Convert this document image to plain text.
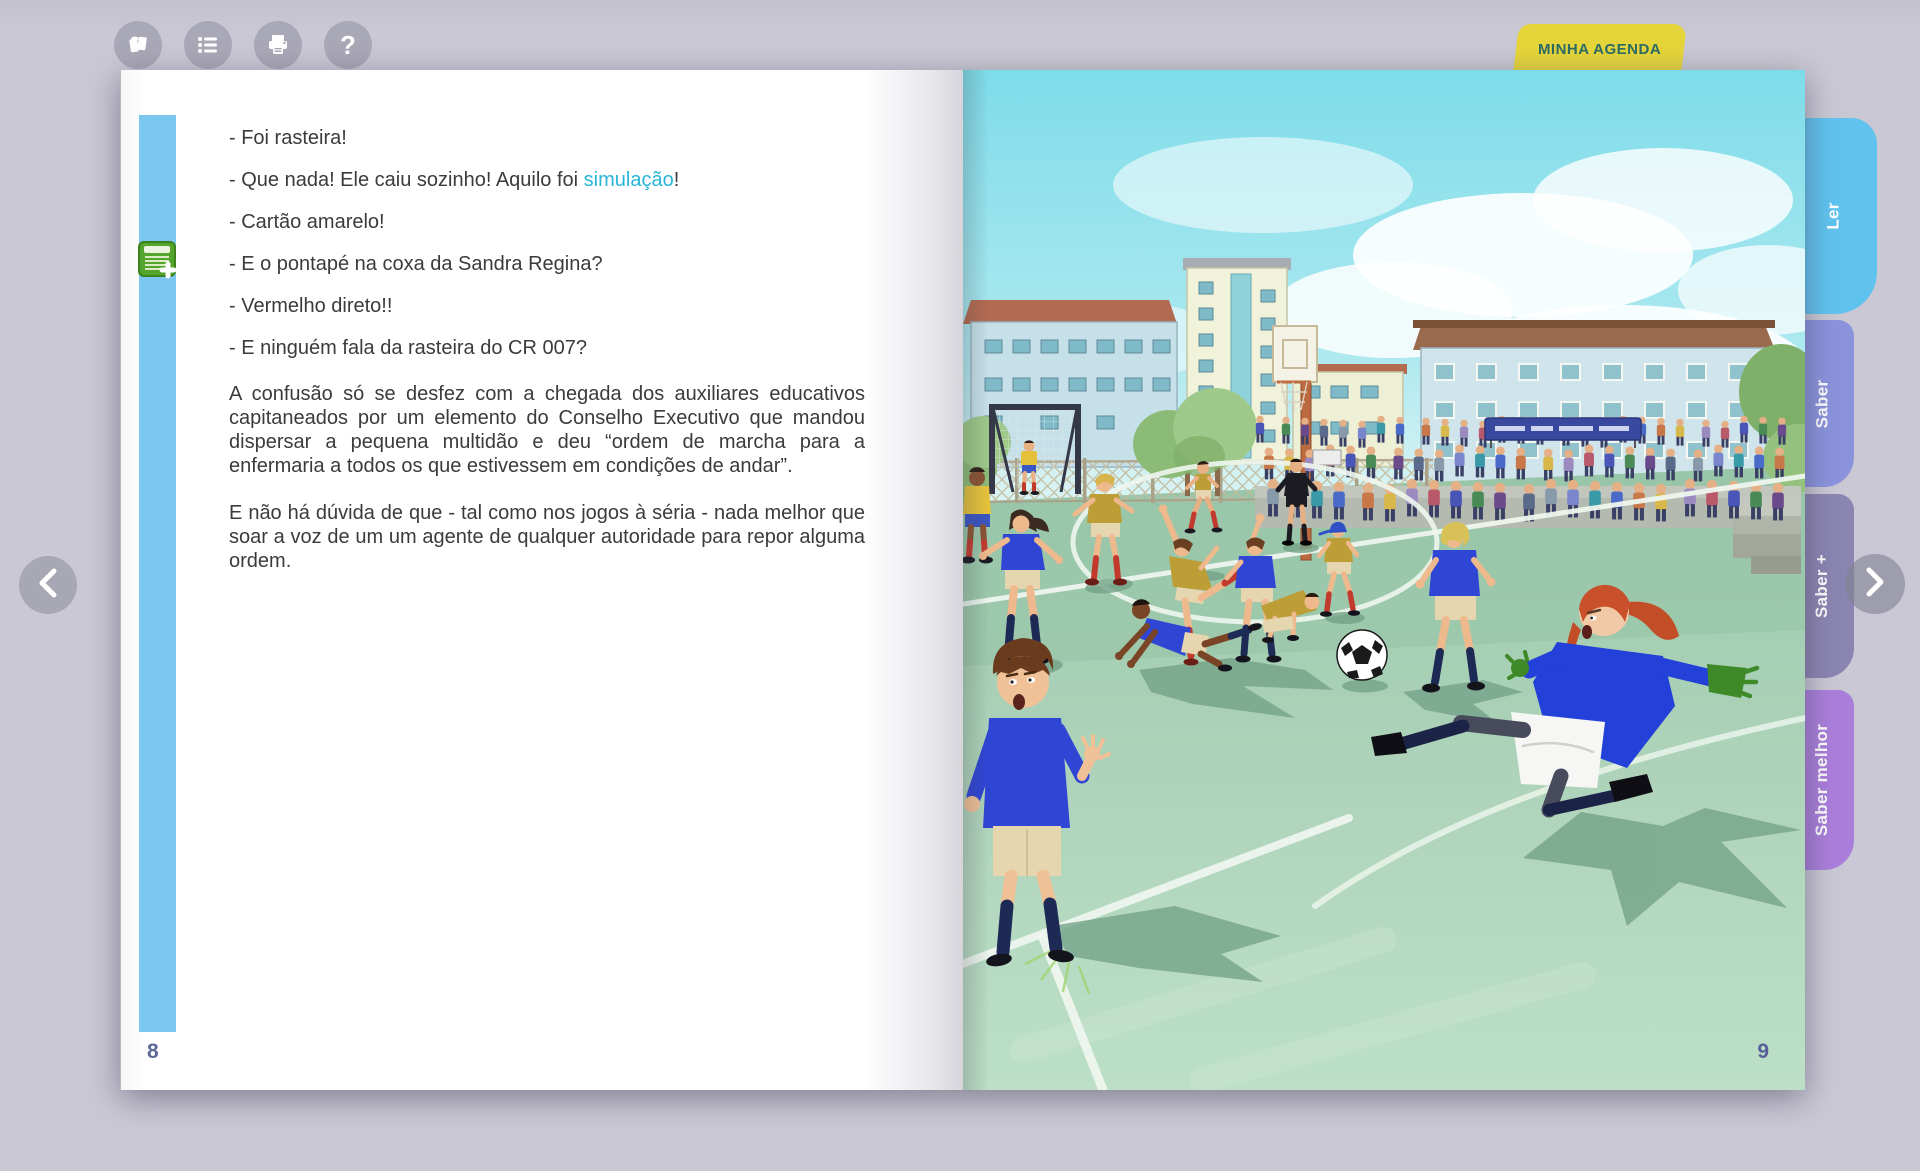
?	MINHA AGENDA
Ler
Saber
Saber +
Saber melhor

- Foi rasteira!

- Que nada! Ele caiu sozinho! Aquilo foi simulação!

- Cartão amarelo!

- E o pontapé na coxa da Sandra Regina?

- Vermelho direto!!

- E ninguém fala da rasteira do CR 007?

A confusão só se desfez com a chegada dos auxiliares educativos capitaneados por um elemento do Conselho Executivo que mandou dispersar a pequena multidão e deu “ordem de marcha para a enfermaria a todos os que estivessem em condições de andar”.

E não há dúvida de que - tal como nos jogos à séria - nada melhor que soar a voz de um um agente de qualquer autoridade para repor alguma ordem.

8	9
